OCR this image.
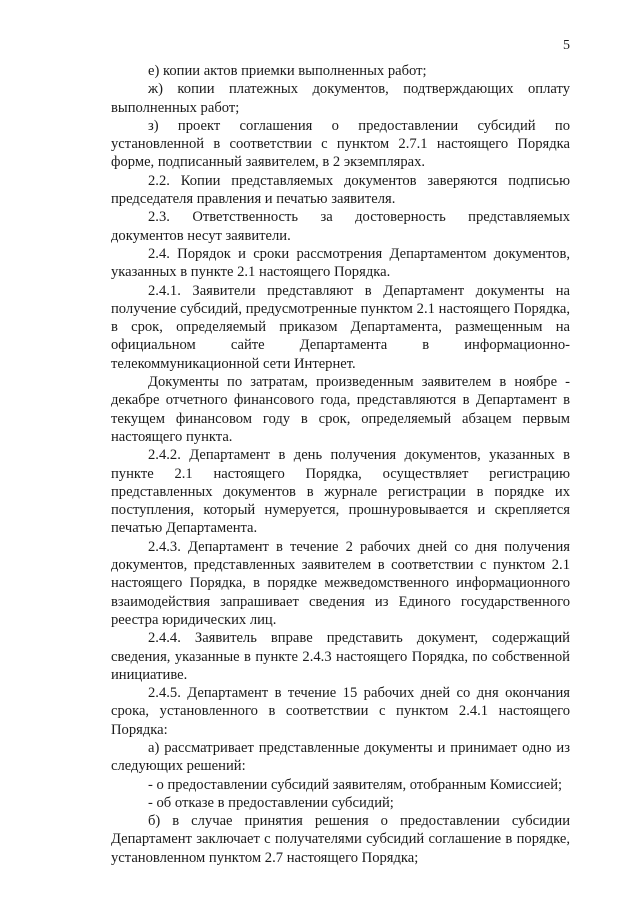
5

е) копии актов приемки выполненных работ;

ж) копии платежных документов, подтверждающих оплату выполненных работ;

з) проект соглашения о предоставлении субсидий по установленной в соответствии с пунктом 2.7.1 настоящего Порядка форме, подписанный заявителем, в 2 экземплярах.

2.2. Копии представляемых документов заверяются подписью председателя правления и печатью заявителя.

2.3. Ответственность за достоверность представляемых документов несут заявители.

2.4. Порядок и сроки рассмотрения Департаментом документов, указанных в пункте 2.1 настоящего Порядка.

2.4.1. Заявители представляют в Департамент документы на получение субсидий, предусмотренные пунктом 2.1 настоящего Порядка, в срок, определяемый приказом Департамента, размещенным на официальном сайте Департамента в информационно-телекоммуникационной сети Интернет.

Документы по затратам, произведенным заявителем в ноябре - декабре отчетного финансового года, представляются в Департамент в текущем финансовом году в срок, определяемый абзацем первым настоящего пункта.

2.4.2. Департамент в день получения документов, указанных в пункте 2.1 настоящего Порядка, осуществляет регистрацию представленных документов в журнале регистрации в порядке их поступления, который нумеруется, прошнуровывается и скрепляется печатью Департамента.

2.4.3. Департамент в течение 2 рабочих дней со дня получения документов, представленных заявителем в соответствии с пунктом 2.1 настоящего Порядка, в порядке межведомственного информационного взаимодействия запрашивает сведения из Единого государственного реестра юридических лиц.

2.4.4. Заявитель вправе представить документ, содержащий сведения, указанные в пункте 2.4.3 настоящего Порядка, по собственной инициативе.

2.4.5. Департамент в течение 15 рабочих дней со дня окончания срока, установленного в соответствии с пунктом 2.4.1 настоящего Порядка:

а) рассматривает представленные документы и принимает одно из следующих решений:

- о предоставлении субсидий заявителям, отобранным Комиссией;

- об отказе в предоставлении субсидий;

б) в случае принятия решения о предоставлении субсидии Департамент заключает с получателями субсидий соглашение в порядке, установленном пунктом 2.7 настоящего Порядка;
